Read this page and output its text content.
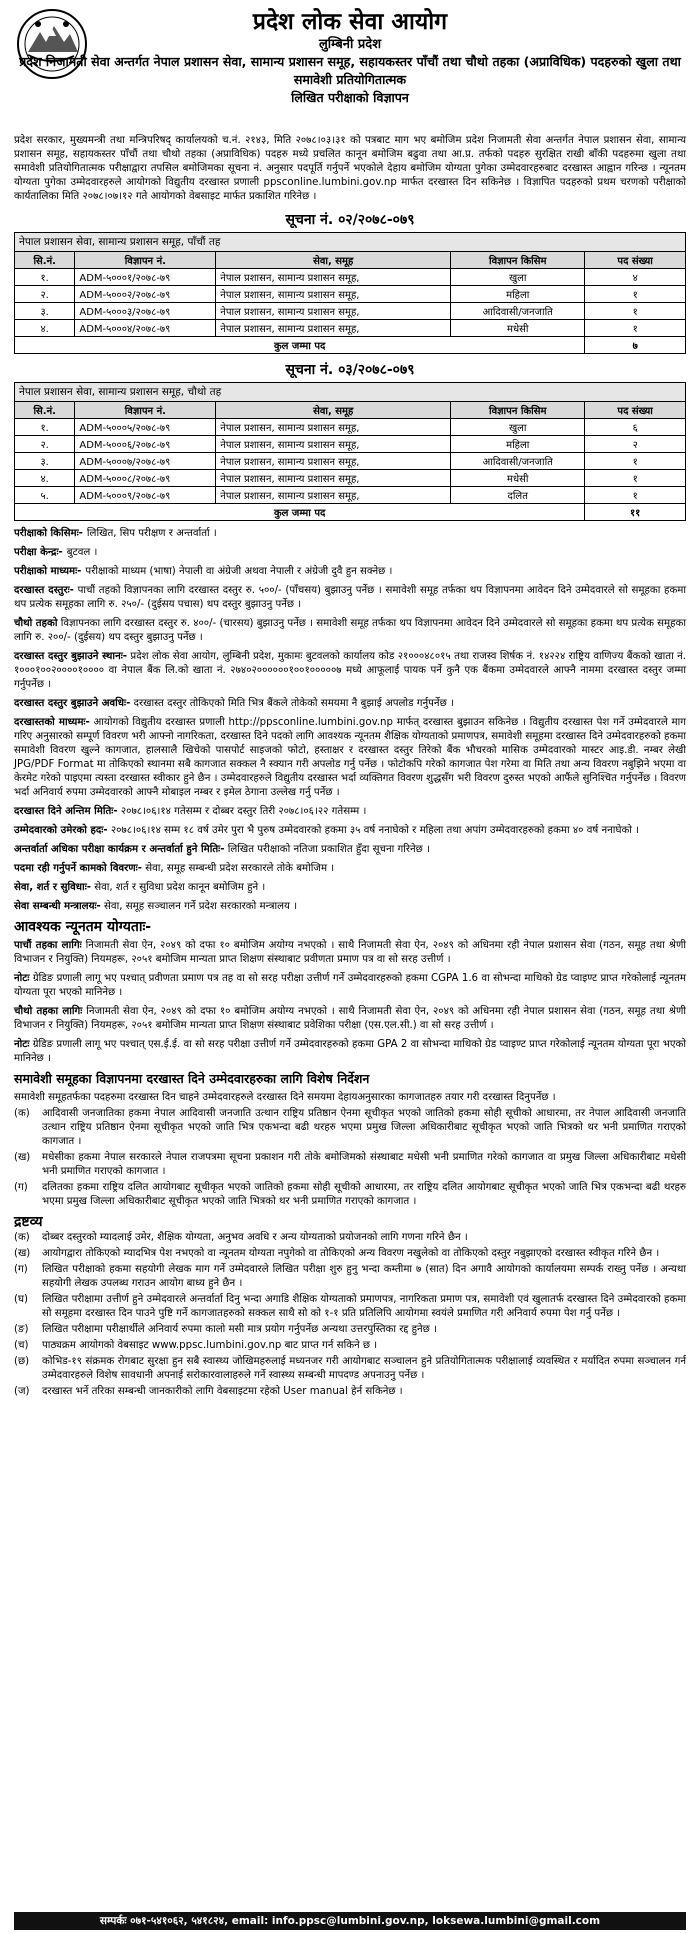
प्रदेश लोक सेवा आयोग
लुम्बिनी प्रदेश
प्रदेश निजामती सेवा अन्तर्गत नेपाल प्रशासन सेवा, सामान्य प्रशासन समूह, सहायकस्तर पाँचौं तथा चौथो तहका (अप्राविधिक) पदहरुको खुला तथा समावेशी प्रतियोगितात्मक
लिखित परीक्षाको विज्ञापन
प्रदेश सरकार, मुख्यमन्त्री तथा मन्त्रिपरिषद् कार्यालयको च.नं. २१४३, मिति २०७८।०३।३१ को पत्रबाट माग भए बमोजिम प्रदेश निजामती सेवा अन्तर्गत नेपाल प्रशासन सेवा, सामान्य प्रशासन समूह, सहायकस्तर पाँचौं तथा चौथो तहका (अप्राविधिक) पदहरु मध्ये प्रचलित कानून बमोजिम बढुवा तथा आ.प्र. तर्फको पदहरु सुरक्षित राखी बाँकी पदहरुमा खुला तथा समावेशी प्रतियोगितात्मक परीक्षाद्वारा तपसिल बमोजिमका सूचना नं. अनुसार पदपूर्ति गर्नुपर्ने भएकोले देहाय बमोजिम योग्यता पुगेका उम्मेदवारहरुबाट दरखास्त आह्वान गरिन्छ । न्यूनतम योग्यता पुगेका उम्मेदवारहरुले आयोगको विद्युतीय दरखास्त प्रणाली ppsconline.lumbini.gov.np मार्फत दरखास्त दिन सकिनेछ । विज्ञापित पदहरुको प्रथम चरणको परीक्षाको कार्यतालिका मिति २०७८।०७।१२ गते आयोगको वेबसाइट मार्फत प्रकाशित गरिनेछ ।
सूचना नं. ०२/२०७८-०७९
नेपाल प्रशासन सेवा, सामान्य प्रशासन समूह, पाँचौं तह				
सि.नं.	विज्ञापन नं.	सेवा, समूह	विज्ञापन किसिम	पद संख्या
१.	ADM-५०००१/२०७८-७९	नेपाल प्रशासन, सामान्य प्रशासन समूह,	खुला	४
२.	ADM-५०००२/२०७८-७९	नेपाल प्रशासन, सामान्य प्रशासन समूह,	महिला	१
३.	ADM-५०००३/२०७८-७९	नेपाल प्रशासन, सामान्य प्रशासन समूह,	आदिवासी/जनजाति	१
४.	ADM-५०००४/२०७८-७९	नेपाल प्रशासन, सामान्य प्रशासन समूह,	मधेसी	१
कुल जम्मा पद				७
सूचना नं. ०३/२०७८-०७९
नेपाल प्रशासन सेवा, सामान्य प्रशासन समूह, चौथो तह				
सि.नं.	विज्ञापन नं.	सेवा, समूह	विज्ञापन किसिम	पद संख्या
१.	ADM-५०००५/२०७८-७९	नेपाल प्रशासन, सामान्य प्रशासन समूह,	खुला	६
२.	ADM-५०००६/२०७८-७९	नेपाल प्रशासन, सामान्य प्रशासन समूह,	महिला	२
३.	ADM-५०००७/२०७८-७९	नेपाल प्रशासन, सामान्य प्रशासन समूह,	आदिवासी/जनजाति	१
४.	ADM-५०००८/२०७८-७९	नेपाल प्रशासन, सामान्य प्रशासन समूह,	मधेसी	१
५.	ADM-५०००९/२०७८-७९	नेपाल प्रशासन, सामान्य प्रशासन समूह,	दलित	१
कुल जम्मा पद				११
परीक्षाको किसिमः- लिखित, सिप परीक्षण र अन्तर्वार्ता ।
परीक्षा केन्द्रः- बुटवल ।
परीक्षाको माध्यमः- परीक्षाको माध्यम (भाषा) नेपाली वा अंग्रेजी अथवा नेपाली र अंग्रेजी दुवै हुन सक्नेछ ।
दरखास्त दस्तुरः- पाचौं तहको विज्ञापनका लागि दरखास्त दस्तुर रु. ५००/- (पाँचसय) बुझाउनु पर्नेछ । समावेशी समूह तर्फका थप विज्ञापनमा आवेदन दिने उम्मेदवारले सो समूहका हकमा थप प्रत्येक समूहका लागि रु. २५०/- (दुईसय पचास) थप दस्तुर बुझाउनु पर्नेछ ।
चौथो तहको विज्ञापनका लागि दरखास्त दस्तुर रु. ४००/- (चारसय) बुझाउनु पर्नेछ । समावेशी समूह तर्फका थप विज्ञापनमा आवेदन दिने उम्मेदवारले सो समूहका हकमा थप प्रत्येक समूहका लागि रु. २००/- (दुईसय) थप दस्तुर बुझाउनु पर्नेछ ।
दरखास्त दस्तुर बुझाउने स्थानः- प्रदेश लोक सेवा आयोग, लुम्बिनी प्रदेश, मुकामः बुटवलको कार्यालय कोड २१०००४८०१५ तथा राजस्व शिर्षक नं. १४२२४ राष्ट्रिय वाणिज्य बैंकको खाता नं. १०००१००२००००१०००० वा नेपाल बैंक लि.को खाता नं. २७४०२००००००१००१०००००७ मध्ये आफूलाई पायक पर्ने कुनै एक बैंकमा उम्मेदवारले आफ्नै नाममा दरखास्त दस्तुर जम्मा गर्नुपर्नेछ ।
दरखास्त दस्तुर बुझाउने अवधिः- दरखास्त दस्तुर तोकिएको मिति भित्र बैंकले तोकेको समयमा नै बुझाई अपलोड गर्नुपर्नेछ ।
दरखास्तको माध्यमः- आयोगको विद्युतीय दरखास्त प्रणाली http://ppsconline.lumbini.gov.np मार्फत् दरखास्त बुझाउन सकिनेछ । विद्युतीय दरखास्त पेश गर्ने उम्मेदवारले माग गरिए अनुसारको सम्पूर्ण विवरण भरी आफ्नो नागरिकता, दरखास्त दिने पदको लागि आवश्यक न्यूनतम शैक्षिक योग्यताको प्रमाणपत्र, समावेशी समूहमा दरखास्त दिने उम्मेदवारहरुको हकमा समावेशी विवरण खुल्ने कागजात, हालसालै खिचेको पासपोर्ट साइजको फोटो, हस्ताक्षर र दरखास्त दस्तुर तिरेको बैंक भौचरको मासिक उम्मेदवारको मास्टर आइ.डी. नम्बर लेखी JPG/PDF Format मा तोकिएको स्थानमा सबै कागजात सक्कल नै स्क्यान गरी अपलोड गर्नु पर्नेछ । फोटोकपि गरेको कागजात पेश गरेमा वा मिति तथा अन्य विवरण नबुझिने भएमा वा केरमेट गरेको पाइएमा त्यस्ता दरखास्त स्वीकार हुने छैन । उम्मेदवारहरुले विद्युतीय दरखास्त भर्दा व्यक्तिगत विवरण शुद्धसँग भरी विवरण दुरुस्त भएको आफैंले सुनिश्चित गर्नुपर्नेछ । विवरण भर्दा अनिवार्य रुपमा उम्मेदवारको आफ्नै मोबाइल नम्बर र इमेल ठेगाना उल्लेख गर्नु पर्नेछ ।
दरखास्त दिने अन्तिम मितिः- २०७८।०६।१४ गतेसम्म र दोब्बर दस्तुर तिरी २०७८।०६।२२ गतेसम्म ।
उम्मेदवारको उमेरको हदः- २०७८।०६।१४ सम्म १८ वर्ष उमेर पुरा भै पुरुष उम्मेदवारको हकमा ३५ वर्ष ननाघेको र महिला तथा अपांग उम्मेदवारहरुको हकमा ४० वर्ष ननाघेको ।
अन्तर्वार्ता अधिका परीक्षा कार्यक्रम र अन्तर्वार्ता हुने मितिः- लिखित परीक्षाको नतिजा प्रकाशित हुँदा सूचना गरिनेछ ।
पदमा रही गर्नुपर्ने कामको विवरणः- सेवा, समूह सम्बन्धी प्रदेश सरकारले तोके बमोजिम ।
सेवा, शर्त र सुविधाः- सेवा, शर्त र सुविधा प्रदेश कानून बमोजिम हुने ।
सेवा सम्बन्धी मन्त्रालयः- सेवा, समूह सञ्चालन गर्ने प्रदेश सरकारको मन्त्रालय ।
आवश्यक न्यूनतम योग्यताः-
पाचौं तहका लागिः निजामती सेवा ऐन, २०४९ को दफा १० बमोजिम अयोग्य नभएको । साथै निजामती सेवा ऐन, २०४९ को अधिनमा रही नेपाल प्रशासन सेवा (गठन, समूह तथा श्रेणी विभाजन र नियुक्ति) नियमहरू, २०५१ बमोजिम मान्यता प्राप्त शिक्षण संस्थाबाट प्रवीणता प्रमाण पत्र वा सो सरह उत्तीर्ण ।
नोटः ग्रेडिङ प्रणाली लागू भए पश्चात् प्रवीणता प्रमाण पत्र तह वा सो सरह परीक्षा उत्तीर्ण गर्ने उम्मेदवारहरुको हकमा CGPA 1.6 वा सोभन्दा माथिको ग्रेड प्वाइण्ट प्राप्त गरेकोलाई न्यूनतम योग्यता पूरा भएको मानिनेछ ।
चौथो तहका लागिः निजामती सेवा ऐन, २०४९ को दफा १० बमोजिम अयोग्य नभएको । साथै निजामती सेवा ऐन, २०४९ को अधिनमा रही नेपाल प्रशासन सेवा (गठन, समूह तथा श्रेणी विभाजन र नियुक्ति) नियमहरू, २०५१ बमोजिम मान्यता प्राप्त शिक्षण संस्थाबाट प्रवेशिका परीक्षा (एस.एल.सी.) वा सो सरह उत्तीर्ण ।
नोटः ग्रेडिङ प्रणाली लागू भए पश्चात् एस.ई.ई. वा सो सरह परीक्षा उत्तीर्ण गर्ने उम्मेदवारहरुको हकमा GPA 2 वा सोभन्दा माथिको ग्रेड प्वाइण्ट प्राप्त गरेकोलाई न्यूनतम योग्यता पूरा भएको मानिनेछ ।
समावेशी समूहका विज्ञापनमा दरखास्त दिने उम्मेदवारहरुका लागि विशेष निर्देशन
समावेशी समूहतर्फका पदहरुमा दरखास्त दिन चाहने उम्मेदवारहरुले दरखास्त दिने समयमा देहायअनुसारका कागजातहरु तयार गरी दरखास्त दिनुपर्नेछ ।
(क)	आदिवासी जनजातिका हकमा नेपाल आदिवासी जनजाति उत्थान राष्ट्रिय प्रतिष्ठान ऐनमा सूचीकृत भएको जातिको हकमा सोही सूचीको आधारमा, तर नेपाल आदिवासी जनजाति उत्थान राष्ट्रिय प्रतिष्ठान ऐनमा सूचीकृत भएको जाति भित्र एकभन्दा बढी थरहरु भएमा प्रमुख जिल्ला अधिकारीबाट सूचीकृत भएको जाति भित्रको थर भनी प्रमाणित गराएको कागजात ।
(ख)	मधेसीका हकमा नेपाल सरकारले नेपाल राजपत्रमा सूचना प्रकाशन गरी तोके बमोजिमको संस्थाबाट मधेसी भनी प्रमाणित गरेको कागजात वा प्रमुख जिल्ला अधिकारीबाट मधेसी भनी प्रमाणित गराएको कागजात ।
(ग)	दलितका हकमा राष्ट्रिय दलित आयोगबाट सूचीकृत भएको जातिको हकमा सोही सूचीको आधारमा, तर राष्ट्रिय दलित आयोगबाट सूचीकृत भएको जाति भित्र एकभन्दा बढी थरहरु भएमा प्रमुख जिल्ला अधिकारीबाट सूचीकृत भएको जाति भित्रको थर भनी प्रमाणित गराएको कागजात ।
द्रष्टव्य
(क)	दोब्बर दस्तुरको म्यादलाई उमेर, शैक्षिक योग्यता, अनुभव अवधि र अन्य योग्यताको प्रयोजनको लागि गणना गरिने छैन ।
(ख)	आयोगद्वारा तोकिएको म्यादभित्र पेश नभएको वा न्यूनतम योग्यता नपुगेको वा तोकिएको अन्य विवरण नखुलेको वा तोकिएको दस्तुर नबुझाएको दरखास्त स्वीकृत गरिने छैन ।
(ग)	लिखित परीक्षाको हकमा सहयोगी लेखक माग गर्ने उम्मेदवारले लिखित परीक्षा शुरु हुनु भन्दा कम्तीमा ७ (सात) दिन अगावै आयोगको कार्यालयमा सम्पर्क राख्नु पर्नेछ । अन्यथा सहयोगी लेखक उपलब्ध गराउन आयोग बाध्य हुने छैन ।
(घ)	लिखित परीक्षामा उत्तीर्ण हुने उम्मेदवारले अन्तर्वार्ता दिनु भन्दा अगाडि शैक्षिक योग्यताको प्रमाणपत्र, नागरिकता प्रमाण पत्र, समावेशी एवं खुलातर्फ दरखास्त दिने उम्मेदवारको हकमा सो समूहमा दरखास्त दिन पाउने पुष्टि गर्ने कागजातहरुको सक्कल साथै सो को १-१ प्रति प्रतिलिपि आयोगमा स्वयंले प्रमाणित गरी अनिवार्य रुपमा पेश गर्नु पर्नेछ ।
(ङ)	लिखित परीक्षामा परीक्षार्थीले अनिवार्य रुपमा कालो मसी मात्र प्रयोग गर्नुपर्नेछ अन्यथा उत्तरपुस्तिका रद्द हुनेछ ।
(च)	पाठ्यक्रम आयोगको वेबसाइट www.ppsc.lumbini.gov.np बाट प्राप्त गर्न सकिने छ ।
(छ)	कोभिड-१९ संक्रमक रोगबाट सुरक्षा हुन सबै स्वास्थ्य जोखिमहरुलाई मध्यनजर गरी आयोगबाट सञ्चालन हुने प्रतियोगितात्मक परीक्षालाई व्यवस्थित र मर्यादित रुपमा सञ्चालन गर्न उम्मेदवारहरुले विशेष सावधानी अपनाई सरोकारवालाहरुले गर्ने स्वास्थ्य सम्बन्धी मापदण्ड अपनाउनु पर्नेछ ।
(ज)	दरखास्त भर्ने तरिका सम्बन्धी जानकारीको लागि वेबसाइटमा रहेको User manual हेर्न सकिनेछ ।
सम्पर्कः ०७१-५४१०६२, ५४१८२४, email: info.ppsc@lumbini.gov.np, loksewa.lumbini@gmail.com
